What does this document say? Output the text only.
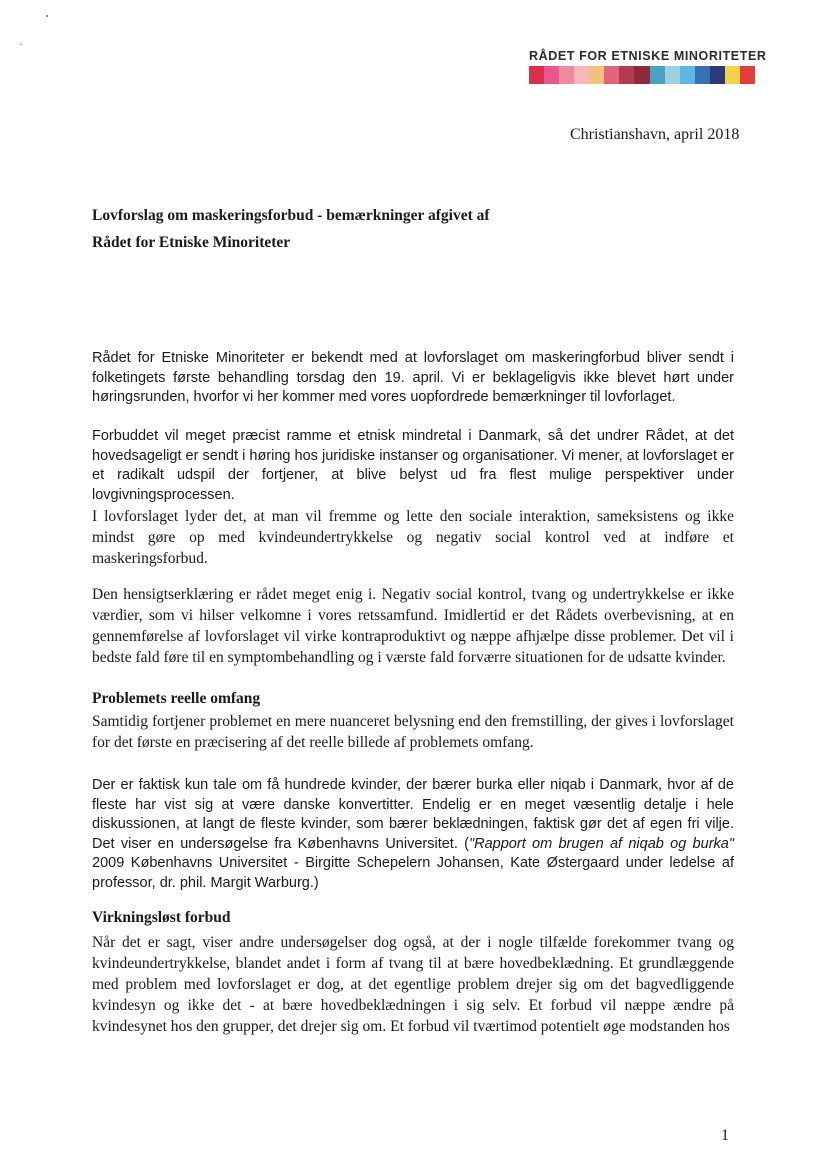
RÅDET FOR ETNISKE MINORITETER
Christianshavn, april 2018
Lovforslag om maskeringsforbud - bemærkninger afgivet af
Rådet for Etniske Minoriteter

Rådet for Etniske Minoriteter er bekendt med at lovforslaget om maskeringforbud bliver sendt i folketingets første behandling torsdag den 19. april. Vi er beklageligvis ikke blevet hørt under høringsrunden, hvorfor vi her kommer med vores uopfordrede bemærkninger til lovforlaget.

Forbuddet vil meget præcist ramme et etnisk mindretal i Danmark, så det undrer Rådet, at det hovedsageligt er sendt i høring hos juridiske instanser og organisationer. Vi mener, at lovforslaget er et radikalt udspil der fortjener, at blive belyst ud fra flest mulige perspektiver under lovgivningsprocessen.

I lovforslaget lyder det, at man vil fremme og lette den sociale interaktion, sameksistens og ikke mindst gøre op med kvindeundertrykkelse og negativ social kontrol ved at indføre et maskeringsforbud.

Den hensigtserklæring er rådet meget enig i. Negativ social kontrol, tvang og undertrykkelse er ikke værdier, som vi hilser velkomne i vores retssamfund. Imidlertid er det Rådets overbevisning, at en gennemførelse af lovforslaget vil virke kontraproduktivt og næppe afhjælpe disse problemer. Det vil i bedste fald føre til en symptombehandling og i værste fald forværre situationen for de udsatte kvinder.

Problemets reelle omfang

Samtidig fortjener problemet en mere nuanceret belysning end den fremstilling, der gives i lovforslaget for det første en præcisering af det reelle billede af problemets omfang.

Der er faktisk kun tale om få hundrede kvinder, der bærer burka eller niqab i Danmark, hvor af de fleste har vist sig at være danske konvertitter. Endelig er en meget væsentlig detalje i hele diskussionen, at langt de fleste kvinder, som bærer beklædningen, faktisk gør det af egen fri vilje. Det viser en undersøgelse fra Københavns Universitet. ("Rapport om brugen af niqab og burka" 2009 Københavns Universitet - Birgitte Schepelern Johansen, Kate Østergaard under ledelse af professor, dr. phil. Margit Warburg.)

Virkningsløst forbud

Når det er sagt, viser andre undersøgelser dog også, at der i nogle tilfælde forekommer tvang og kvindeundertrykkelse, blandet andet i form af tvang til at bære hovedbeklædning. Et grundlæggende med problem med lovforslaget er dog, at det egentlige problem drejer sig om det bagvedliggende kvindesyn og ikke det - at bære hovedbeklædningen i sig selv. Et forbud vil næppe ændre på kvindesynet hos den grupper, det drejer sig om. Et forbud vil tværtimod potentielt øge modstanden hos

1
